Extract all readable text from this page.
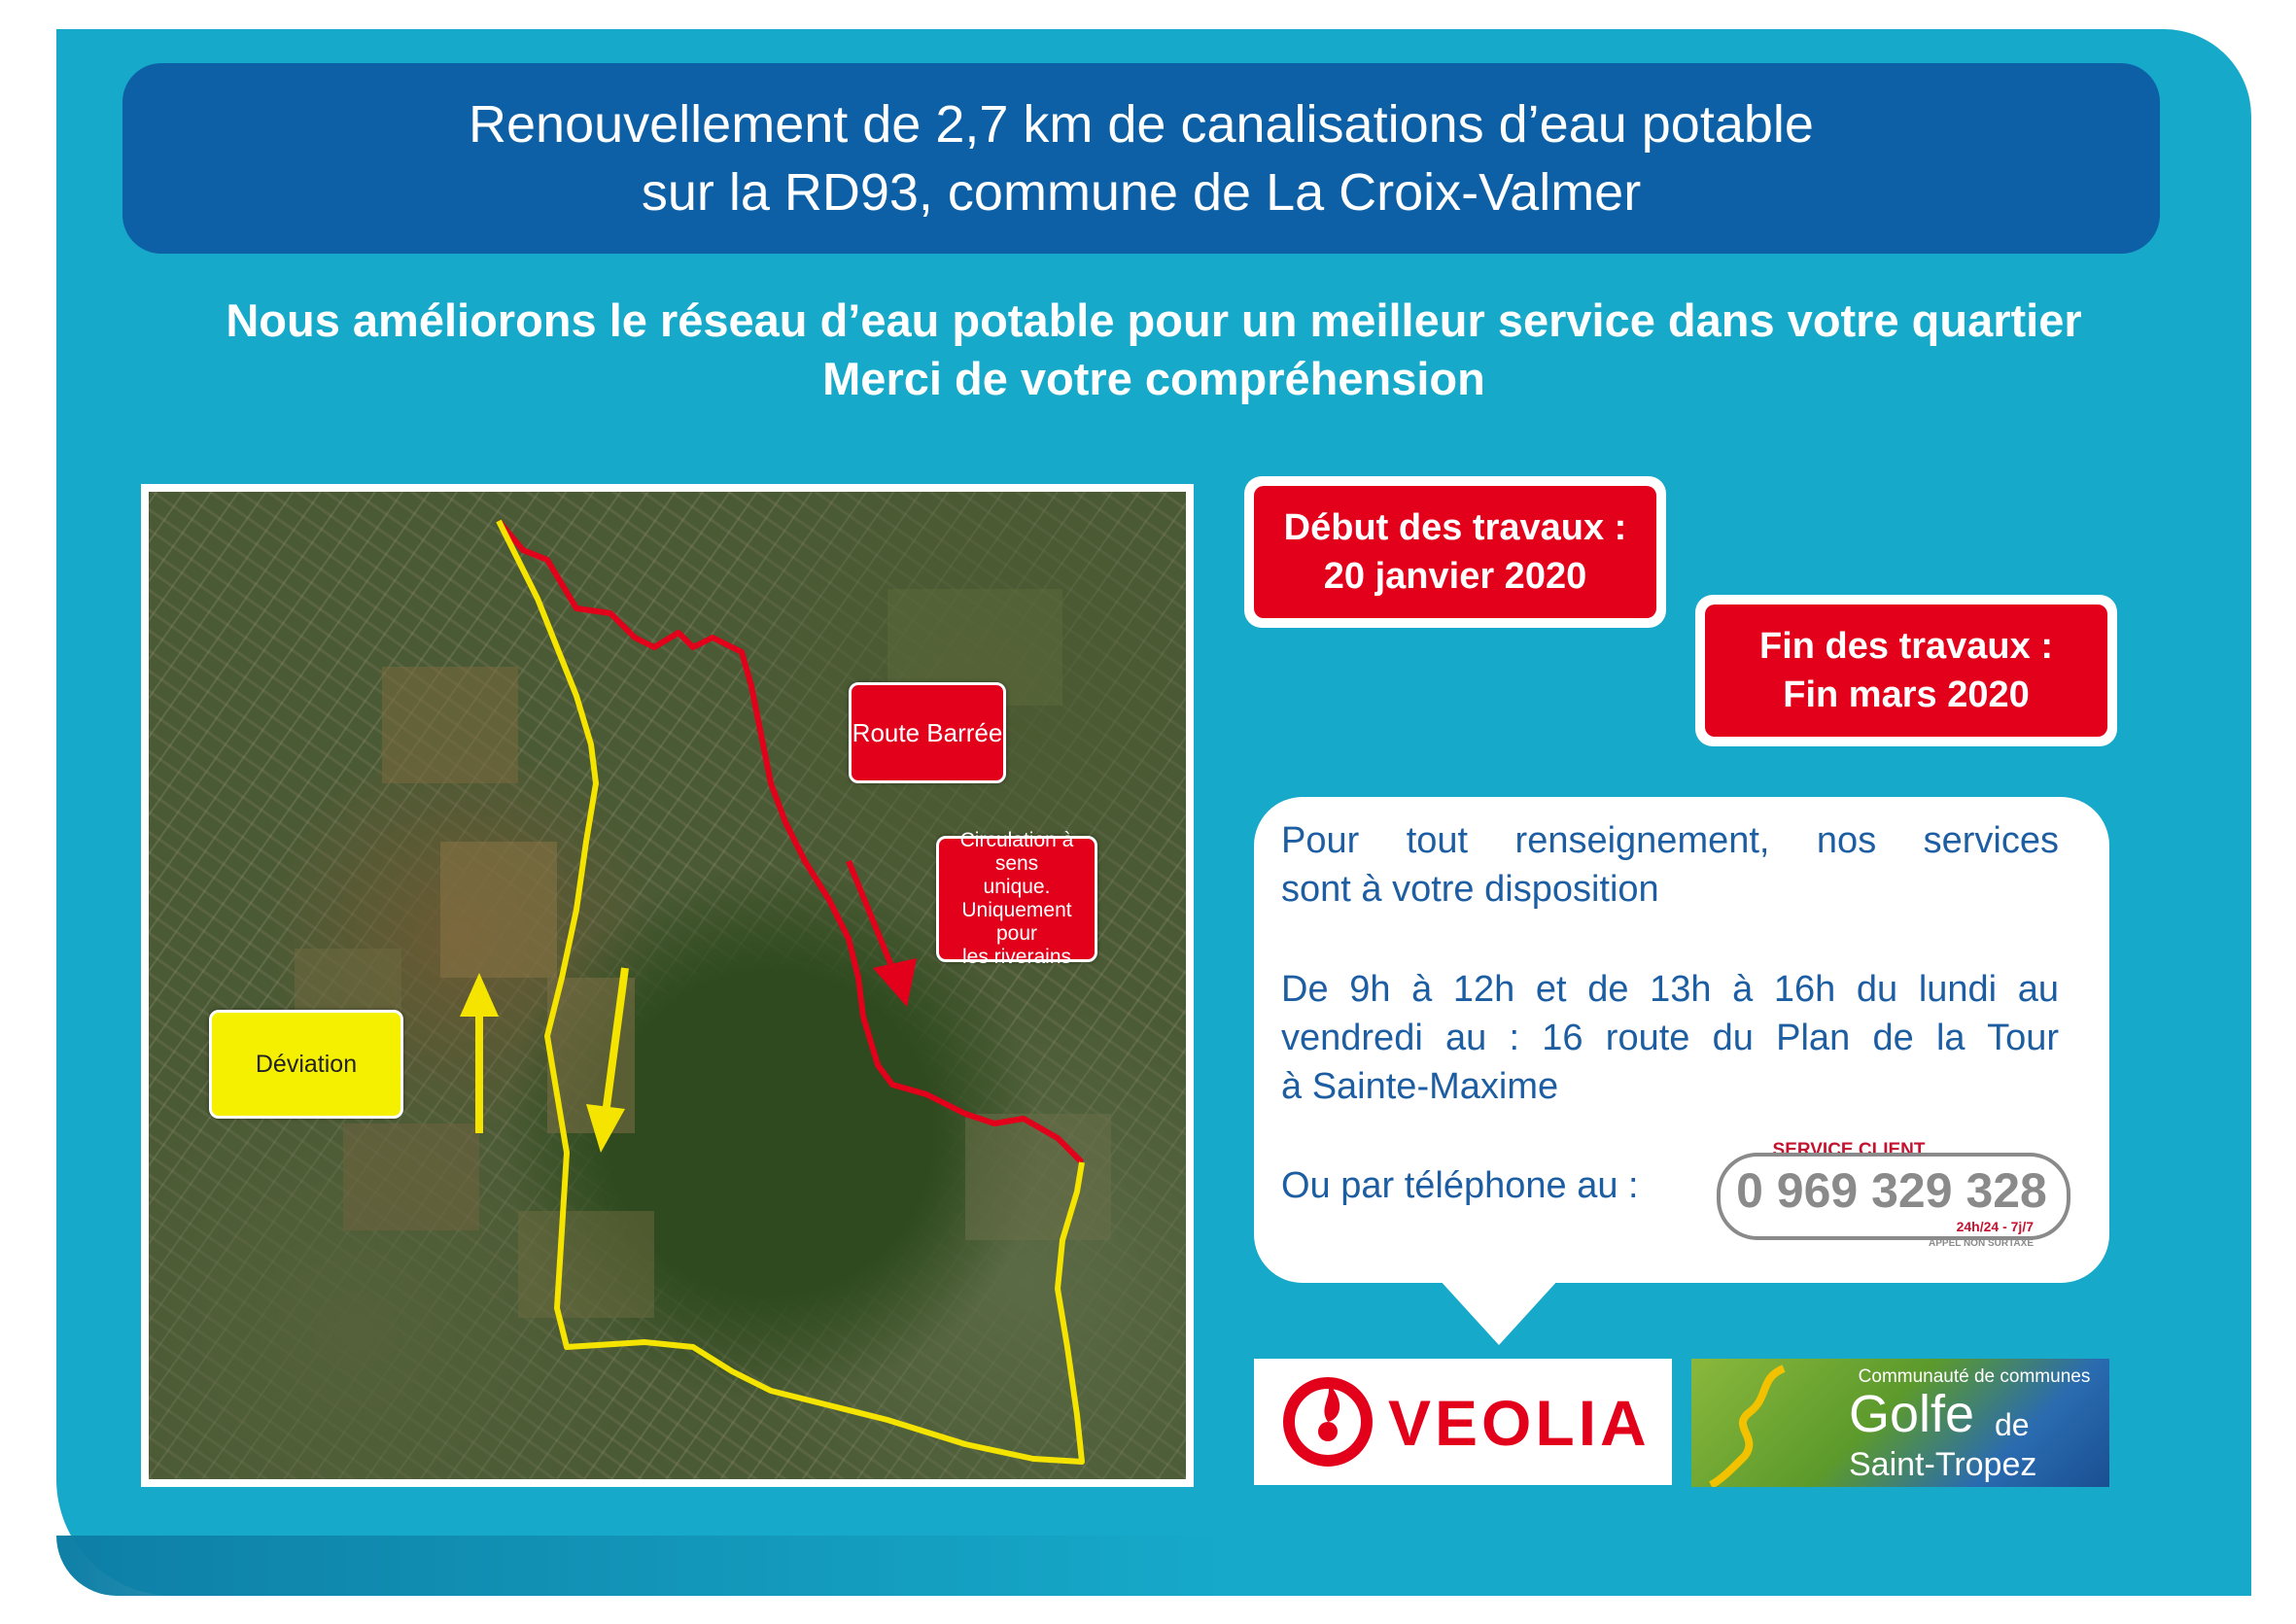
Renouvellement de 2,7 km de canalisations d’eau potable
sur la RD93, commune de La Croix-Valmer
Nous améliorons le réseau d’eau potable pour un meilleur service dans votre quartier
Merci de votre compréhension
Route Barrée
Circulation à sens
unique.
Uniquement pour
les riverains
Déviation
Début des travaux :
20 janvier 2020
Fin des travaux :
Fin mars 2020
Pour tout renseignement, nos services
sont à votre disposition
De 9h à 12h et de 13h à 16h du lundi au
vendredi au : 16 route du Plan de la Tour
à Sainte-Maxime
Ou par téléphone au :
SERVICE CLIENT
0 969 329 328
24h/24 - 7j/7
APPEL NON SURTAXÉ
VEOLIA
Communauté de communes
Golfe de
Saint-Tropez
